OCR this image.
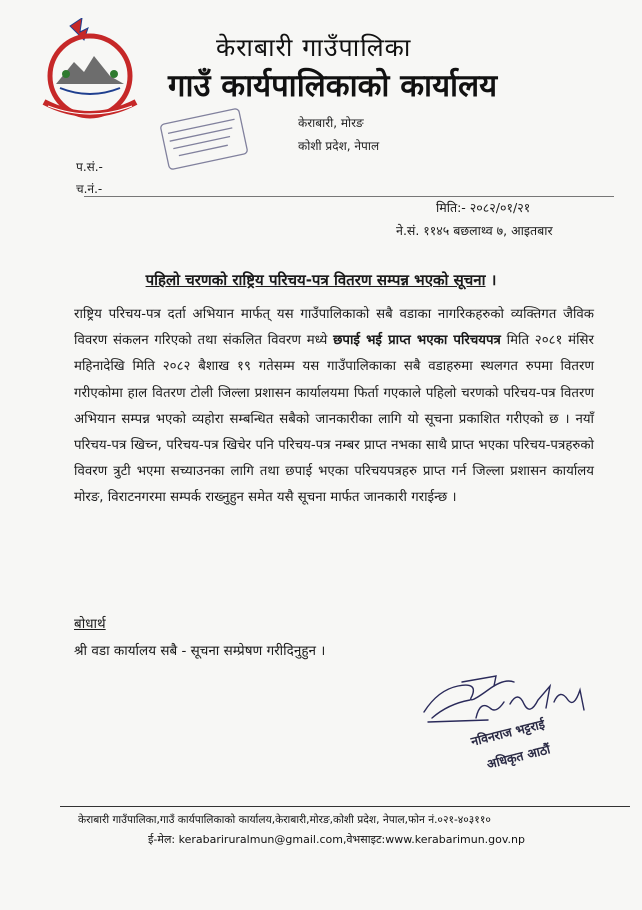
केराबारी गाउँपालिका
गाउँ कार्यपालिकाको कार्यालय
केराबारी, मोरङ
कोशी प्रदेश, नेपाल
प.सं.-
च.नं.-
मिति:- २०८२/०१/२१
ने.सं. ११४५ बछलाथ्व ७, आइतबार
पहिलो चरणको राष्ट्रिय परिचय-पत्र वितरण सम्पन्न भएको सूचना ।
राष्ट्रिय परिचय-पत्र दर्ता अभियान मार्फत् यस गाउँपालिकाको सबै वडाका नागरिकहरुको व्यक्तिगत जैविक विवरण संकलन गरिएको तथा संकलित विवरण मध्ये छपाई भई प्राप्त भएका परिचयपत्र मिति २०८१ मंसिर महिनादेखि मिति २०८२ बैशाख १९ गतेसम्म यस गाउँपालिकाका सबै वडाहरुमा स्थलगत रुपमा वितरण गरीएकोमा हाल वितरण टोली जिल्ला प्रशासन कार्यालयमा फिर्ता गएकाले पहिलो चरणको परिचय-पत्र वितरण अभियान सम्पन्न भएको व्यहोरा सम्बन्धित सबैको जानकारीका लागि यो सूचना प्रकाशित गरीएको छ । नयाँ परिचय-पत्र खिच्न, परिचय-पत्र खिचेर पनि परिचय-पत्र नम्बर प्राप्त नभका साथै प्राप्त भएका परिचय-पत्रहरुको विवरण त्रुटी भएमा सच्याउनका लागि तथा छपाई भएका परिचयपत्रहरु प्राप्त गर्न जिल्ला प्रशासन कार्यालय मोरङ, विराटनगरमा सम्पर्क राख्नुहुन समेत यसै सूचना मार्फत जानकारी गराईन्छ ।
बोधार्थ
श्री वडा कार्यालय सबै - सूचना सम्प्रेषण गरीदिनुहुन ।
नविनराज भट्टराई
अधिकृत आठौं
केराबारी गाउँपालिका,गाउँ कार्यपालिकाको कार्यालय,केराबारी,मोरङ,कोशी प्रदेश, नेपाल,फोन नं.०२१-४०३११०
ई-मेल: kerabariruralmun@gmail.com,वेभसाइट:www.kerabarimun.gov.np
